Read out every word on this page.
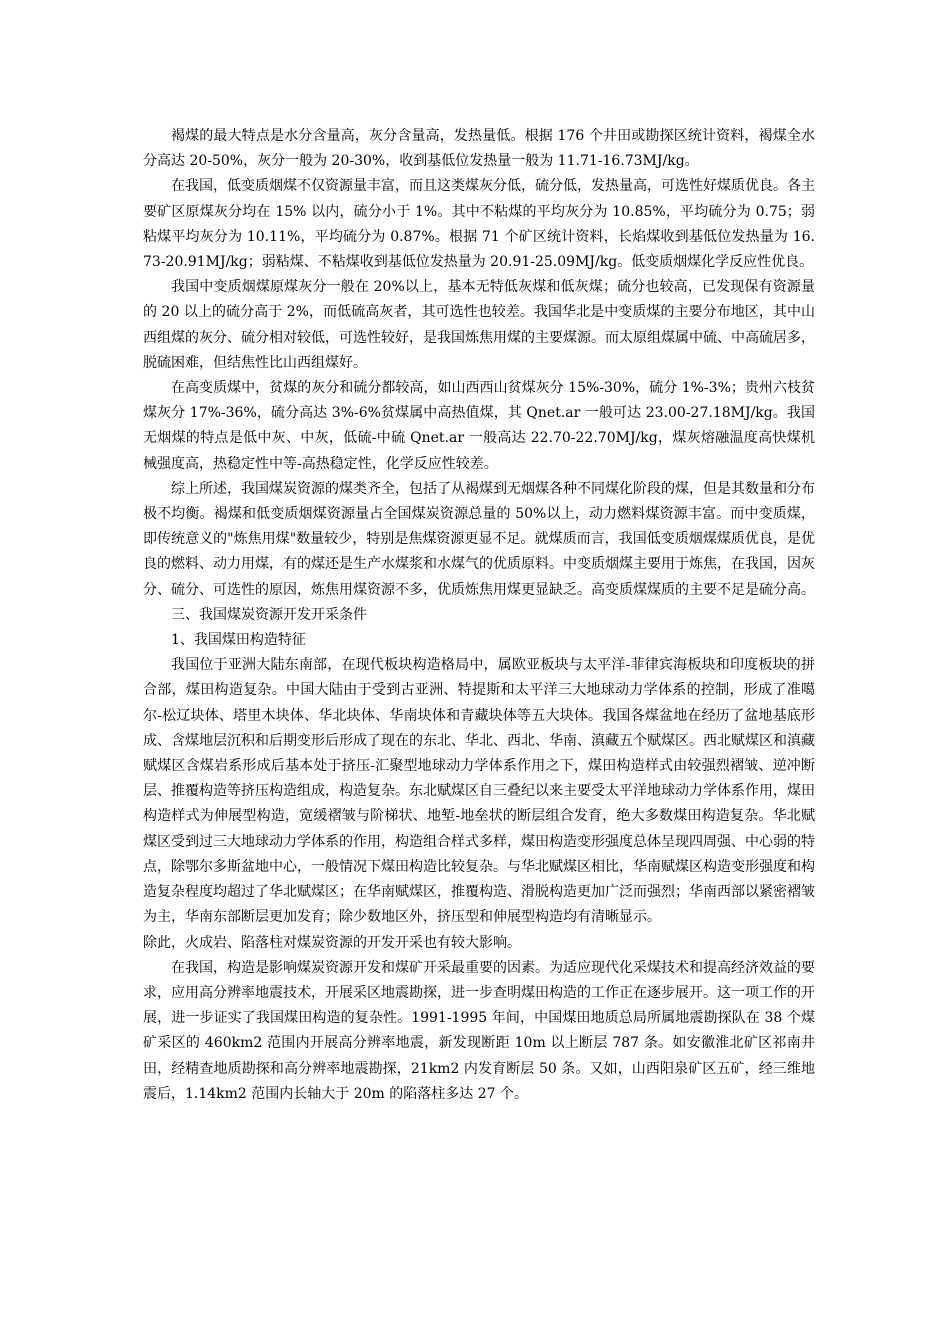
褐煤的最大特点是水分含量高，灰分含量高，发热量低。根据 176 个井田或勘探区统计资料，褐煤全水分高达 20-50%，灰分一般为 20-30%，收到基低位发热量一般为 11.71-16.73MJ/kg。

在我国，低变质烟煤不仅资源量丰富，而且这类煤灰分低，硫分低，发热量高，可选性好煤质优良。各主要矿区原煤灰分均在 15% 以内，硫分小于 1%。其中不粘煤的平均灰分为 10.85%，平均硫分为 0.75；弱粘煤平均灰分为 10.11%，平均硫分为 0.87%。根据 71 个矿区统计资料，长焰煤收到基低位发热量为 16.73-20.91MJ/kg；弱粘煤、不粘煤收到基低位发热量为 20.91-25.09MJ/kg。低变质烟煤化学反应性优良。

我国中变质烟煤原煤灰分一般在 20%以上，基本无特低灰煤和低灰煤；硫分也较高，已发现保有资源量的 20 以上的硫分高于 2%，而低硫高灰者，其可选性也较差。我国华北是中变质煤的主要分布地区，其中山　西组煤的灰分、硫分相对较低，可选性较好，是我国炼焦用煤的主要煤源。而太原组煤属中硫、中高硫居多，脱硫困难，但结焦性比山西组煤好。

在高变质煤中，贫煤的灰分和硫分都较高，如山西西山贫煤灰分 15%-30%，硫分 1%-3%；贵州六枝贫煤灰分 17%-36%，硫分高达 3%-6%贫煤属中高热值煤，其 Qnet.ar 一般可达 23.00-27.18MJ/kg。我国无烟煤的特点是低中灰、中灰，低硫-中硫 Qnet.ar 一般高达 22.70-22.70MJ/kg，煤灰熔融温度高快煤机械强度高，热稳定性中等-高热稳定性，化学反应性较差。

综上所述，我国煤炭资源的煤类齐全，包括了从褐煤到无烟煤各种不同煤化阶段的煤，但是其数量和分布极不均衡。褐煤和低变质烟煤资源量占全国煤炭资源总量的 50%以上，动力燃料煤资源丰富。而中变质煤，即传统意义的"炼焦用煤"数量较少，特别是焦煤资源更显不足。就煤质而言，我国低变质烟煤煤质优良，是优良的燃料、动力用煤，有的煤还是生产水煤浆和水煤气的优质原料。中变质烟煤主要用于炼焦，在我国，因灰分、硫分、可选性的原因，炼焦用煤资源不多，优质炼焦用煤更显缺乏。高变质煤煤质的主要不足是硫分高。

三、我国煤炭资源开发开采条件

1、我国煤田构造特征

我国位于亚洲大陆东南部，在现代板块构造格局中，属欧亚板块与太平洋-菲律宾海板块和印度板块的拼合部，煤田构造复杂。中国大陆由于受到古亚洲、特提斯和太平洋三大地球动力学体系的控制，形成了准噶尔-松辽块体、塔里木块体、华北块体、华南块体和青藏块体等五大块体。我国各煤盆地在经历了盆地基底形成、含煤地层沉积和后期变形后形成了现在的东北、华北、西北、华南、滇藏五个赋煤区。西北赋煤区和滇藏赋煤区含煤岩系形成后基本处于挤压-汇聚型地球动力学体系作用之下，煤田构造样式由较强烈褶皱、逆冲断层、推覆构造等挤压构造组成，构造复杂。东北赋煤区自三叠纪以来主要受太平洋地球动力学体系作用，煤田构造样式为伸展型构造，宽缓褶皱与阶梯状、地堑-地垒状的断层组合发育，绝大多数煤田构造复杂。华北赋煤区受到过三大地球动力学体系的作用，构造组合样式多样，煤田构造变形强度总体呈现四周强、中心弱的特点，除鄂尔多斯盆地中心，一般情况下煤田构造比较复杂。与华北赋煤区相比，华南赋煤区构造变形强度和构造复杂程度均超过了华北赋煤区；在华南赋煤区，推覆构造、滑脱构造更加广泛而强烈；华南西部以紧密褶皱为主，华南东部断层更加发育；除少数地区外，挤压型和伸展型构造均有清晰显示。

除此，火成岩、陷落柱对煤炭资源的开发开采也有较大影响。

在我国，构造是影响煤炭资源开发和煤矿开采最重要的因素。为适应现代化采煤技术和提高经济效益的要求，应用高分辨率地震技术，开展采区地震勘探，进一步查明煤田构造的工作正在逐步展开。这一项工作的开展，进一步证实了我国煤田构造的复杂性。1991-1995 年间，中国煤田地质总局所属地震勘探队在 38 个煤矿采区的 460km2 范围内开展高分辨率地震，新发现断距 10m 以上断层 787 条。如安徽淮北矿区祁南井田，经精查地质勘探和高分辨率地震勘探，21km2 内发育断层 50 条。又如，山西阳泉矿区五矿，经三维地震后，1.14km2 范围内长轴大于 20m 的陷落柱多达 27 个。
